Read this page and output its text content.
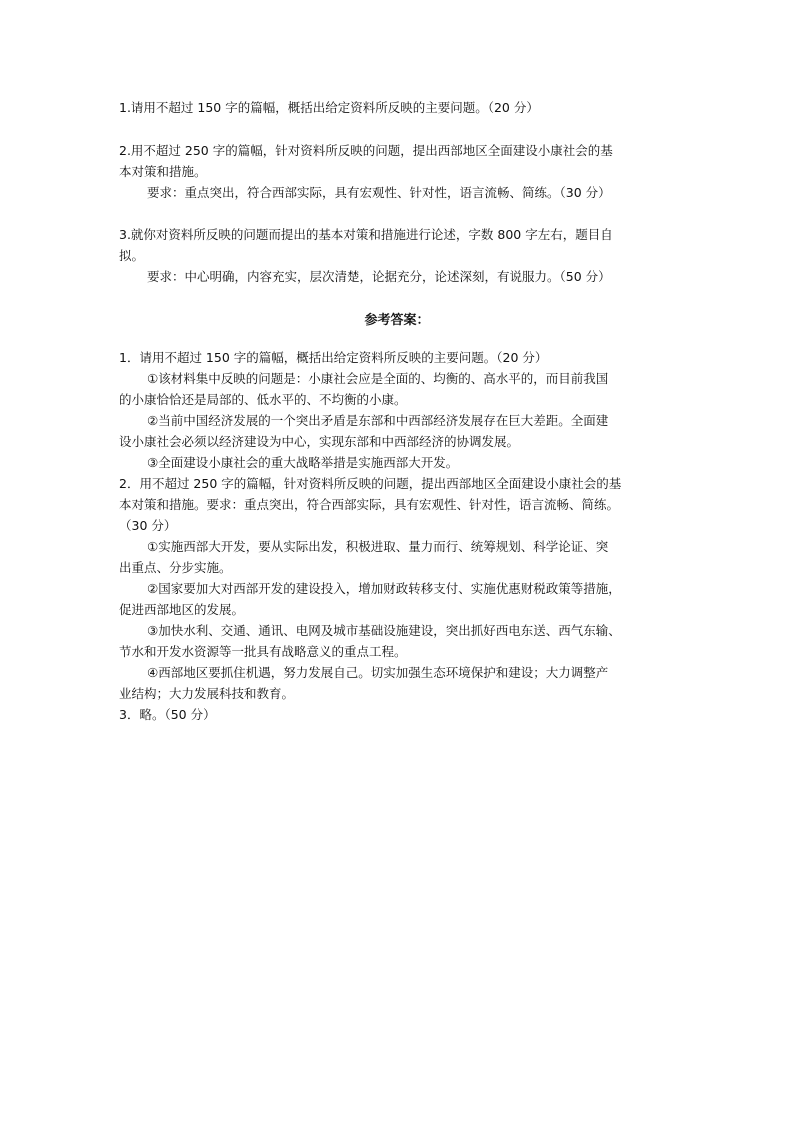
1.请用不超过 150 字的篇幅，概括出给定资料所反映的主要问题。（20 分）

2.用不超过 250 字的篇幅，针对资料所反映的问题，提出西部地区全面建设小康社会的基

本对策和措施。

要求：重点突出，符合西部实际，具有宏观性、针对性，语言流畅、简练。（30 分）

3.就你对资料所反映的问题而提出的基本对策和措施进行论述，字数 800 字左右，题目自

拟。

要求：中心明确，内容充实，层次清楚，论据充分，论述深刻，有说服力。（50 分）

参考答案：

1．请用不超过 150 字的篇幅，概括出给定资料所反映的主要问题。（20 分）

①该材料集中反映的问题是：小康社会应是全面的、均衡的、高水平的，而目前我国

的小康恰恰还是局部的、低水平的、不均衡的小康。

②当前中国经济发展的一个突出矛盾是东部和中西部经济发展存在巨大差距。全面建

设小康社会必须以经济建设为中心，实现东部和中西部经济的协调发展。

③全面建设小康社会的重大战略举措是实施西部大开发。

2．用不超过 250 字的篇幅，针对资料所反映的问题，提出西部地区全面建设小康社会的基

本对策和措施。要求：重点突出，符合西部实际，具有宏观性、针对性，语言流畅、简练。

（30 分）

①实施西部大开发，要从实际出发，积极进取、量力而行、统筹规划、科学论证、突

出重点、分步实施。

②国家要加大对西部开发的建设投入，增加财政转移支付、实施优惠财税政策等措施，

促进西部地区的发展。

③加快水利、交通、通讯、电网及城市基础设施建设，突出抓好西电东送、西气东输、

节水和开发水资源等一批具有战略意义的重点工程。

④西部地区要抓住机遇，努力发展自己。切实加强生态环境保护和建设；大力调整产

业结构；大力发展科技和教育。

3．略。（50 分）
